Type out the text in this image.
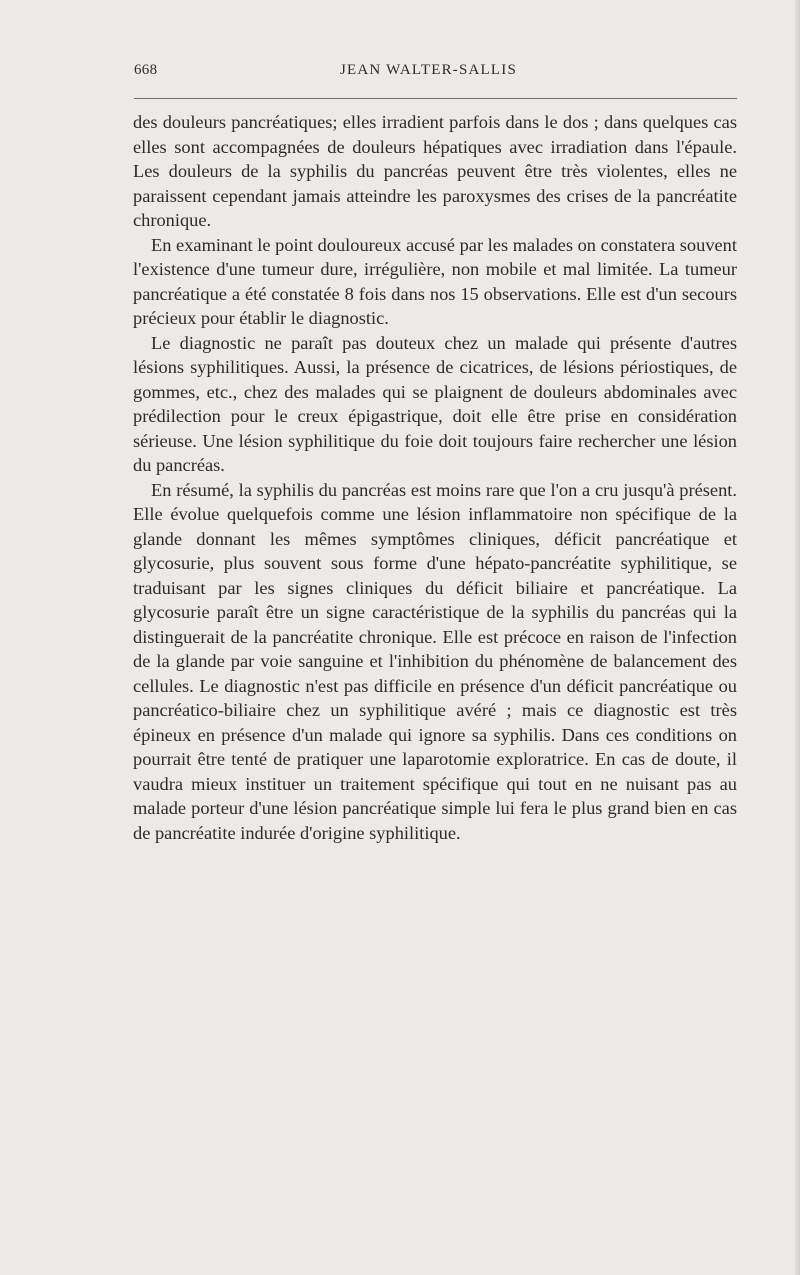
668	JEAN WALTER-SALLIS

des douleurs pancréatiques; elles irradient parfois dans le dos ; dans quelques cas elles sont accompagnées de douleurs hépatiques avec irradiation dans l'épaule. Les douleurs de la syphilis du pancréas peuvent être très violentes, elles ne paraissent cependant jamais atteindre les paroxysmes des crises de la pancréatite chronique.

En examinant le point douloureux accusé par les malades on constatera souvent l'existence d'une tumeur dure, irrégulière, non mobile et mal limitée. La tumeur pancréatique a été constatée 8 fois dans nos 15 observations. Elle est d'un secours précieux pour établir le diagnostic.

Le diagnostic ne paraît pas douteux chez un malade qui présente d'autres lésions syphilitiques. Aussi, la présence de cicatrices, de lésions périostiques, de gommes, etc., chez des malades qui se plaignent de douleurs abdominales avec prédilection pour le creux épigastrique, doit elle être prise en considération sérieuse. Une lésion syphilitique du foie doit toujours faire rechercher une lésion du pancréas.

En résumé, la syphilis du pancréas est moins rare que l'on a cru jusqu'à présent. Elle évolue quelquefois comme une lésion inflammatoire non spécifique de la glande donnant les mêmes symptômes cliniques, déficit pancréatique et glycosurie, plus souvent sous forme d'une hépato-pancréatite syphilitique, se traduisant par les signes cliniques du déficit biliaire et pancréatique. La glycosurie paraît être un signe caractéristique de la syphilis du pancréas qui la distinguerait de la pancréatite chronique. Elle est précoce en raison de l'infection de la glande par voie sanguine et l'inhibition du phénomène de balancement des cellules. Le diagnostic n'est pas difficile en présence d'un déficit pancréatique ou pancréatico-biliaire chez un syphilitique avéré ; mais ce diagnostic est très épineux en présence d'un malade qui ignore sa syphilis. Dans ces conditions on pourrait être tenté de pratiquer une laparotomie exploratrice. En cas de doute, il vaudra mieux instituer un traitement spécifique qui tout en ne nuisant pas au malade porteur d'une lésion pancréatique simple lui fera le plus grand bien en cas de pancréatite indurée d'origine syphilitique.
